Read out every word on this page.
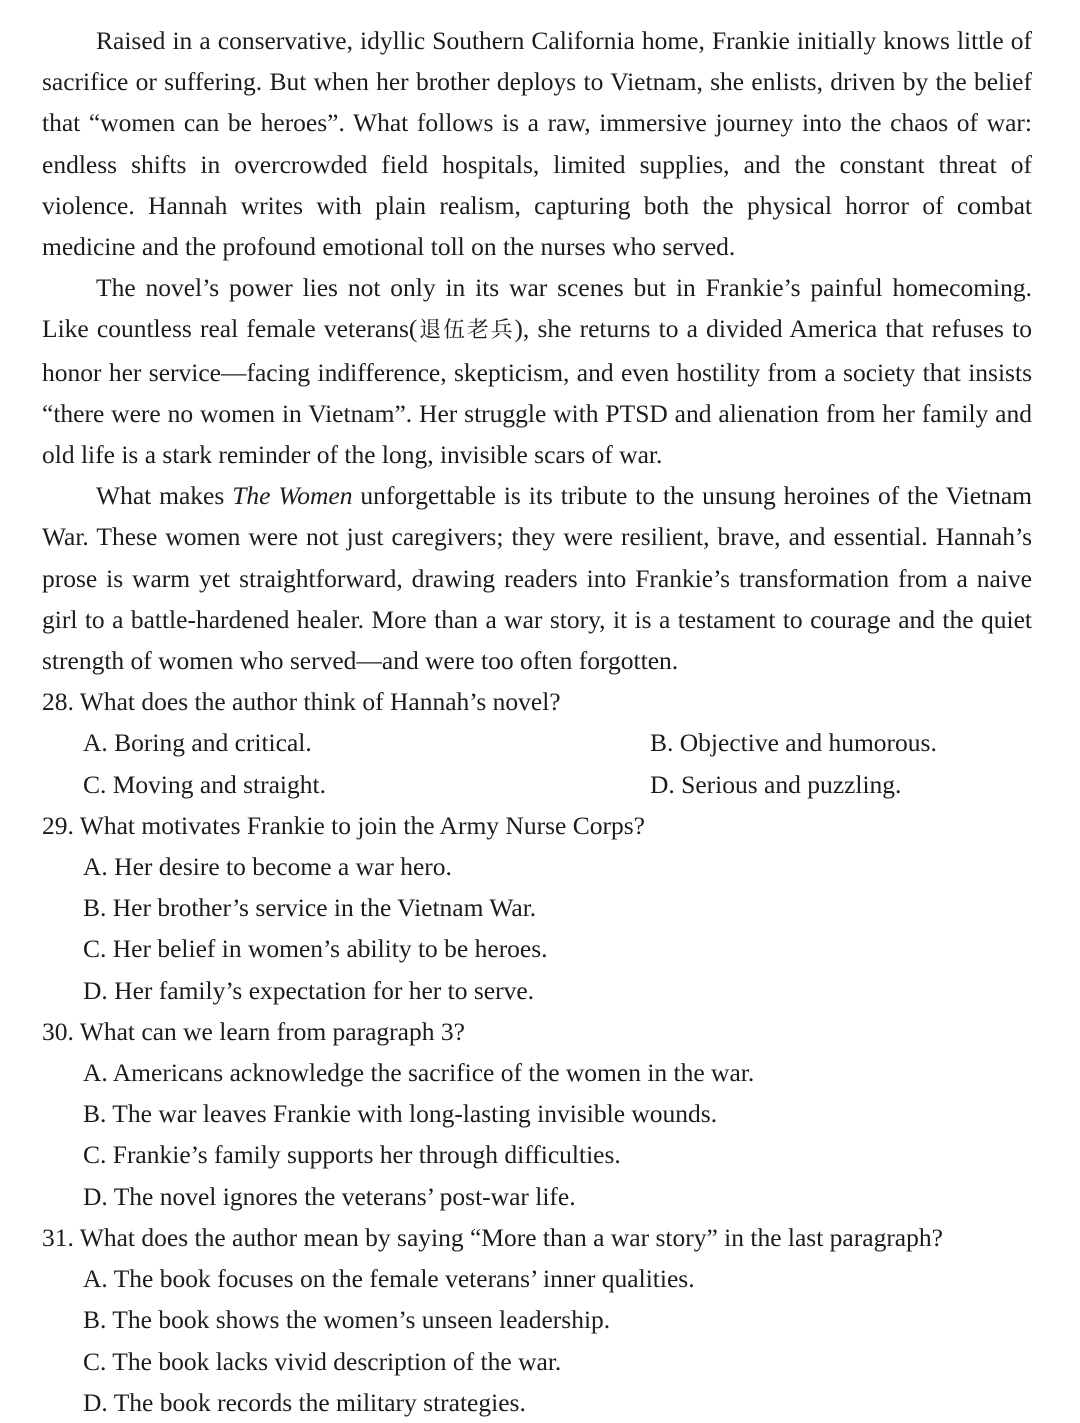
Raised in a conservative, idyllic Southern California home, Frankie initially knows little of sacrifice or suffering. But when her brother deploys to Vietnam, she enlists, driven by the belief that “women can be heroes”. What follows is a raw, immersive journey into the chaos of war: endless shifts in overcrowded field hospitals, limited supplies, and the constant threat of violence. Hannah writes with plain realism, capturing both the physical horror of combat medicine and the profound emotional toll on the nurses who served.

The novel’s power lies not only in its war scenes but in Frankie’s painful homecoming. Like countless real female veterans(退伍老兵), she returns to a divided America that refuses to honor her service—facing indifference, skepticism, and even hostility from a society that insists “there were no women in Vietnam”. Her struggle with PTSD and alienation from her family and old life is a stark reminder of the long, invisible scars of war.

What makes The Women unforgettable is its tribute to the unsung heroines of the Vietnam War. These women were not just caregivers; they were resilient, brave, and essential. Hannah’s prose is warm yet straightforward, drawing readers into Frankie’s transformation from a naive girl to a battle-hardened healer. More than a war story, it is a testament to courage and the quiet strength of women who served—and were too often forgotten.

28. What does the author think of Hannah’s novel?

A. Boring and critical.	B. Objective and humorous.

C. Moving and straight.	D. Serious and puzzling.

29. What motivates Frankie to join the Army Nurse Corps?

A. Her desire to become a war hero.

B. Her brother’s service in the Vietnam War.

C. Her belief in women’s ability to be heroes.

D. Her family’s expectation for her to serve.

30. What can we learn from paragraph 3?

A. Americans acknowledge the sacrifice of the women in the war.

B. The war leaves Frankie with long-lasting invisible wounds.

C. Frankie’s family supports her through difficulties.

D. The novel ignores the veterans’ post-war life.

31. What does the author mean by saying “More than a war story” in the last paragraph?

A. The book focuses on the female veterans’ inner qualities.

B. The book shows the women’s unseen leadership.

C. The book lacks vivid description of the war.

D. The book records the military strategies.
